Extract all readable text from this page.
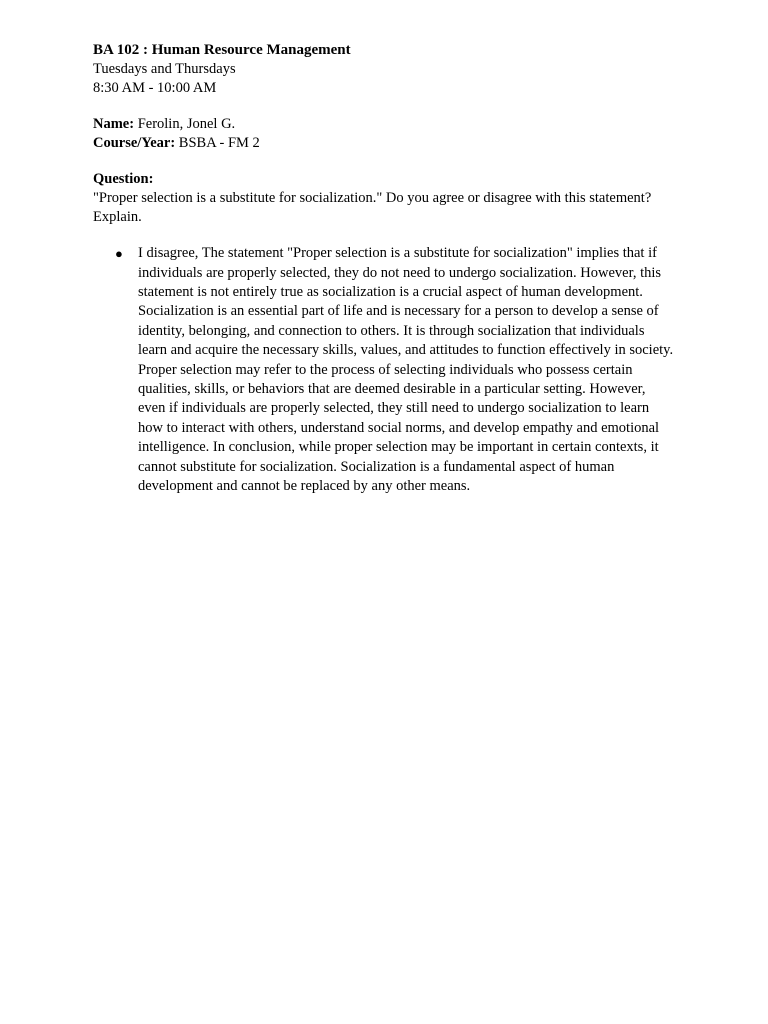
BA 102 : Human Resource Management

Tuesdays and Thursdays

8:30 AM - 10:00 AM

Name: Ferolin, Jonel G.

Course/Year: BSBA - FM 2

Question:

"Proper selection is a substitute for socialization." Do you agree or disagree with this statement? Explain.

● I disagree, The statement "Proper selection is a substitute for socialization" implies that if individuals are properly selected, they do not need to undergo socialization. However, this statement is not entirely true as socialization is a crucial aspect of human development. Socialization is an essential part of life and is necessary for a person to develop a sense of identity, belonging, and connection to others. It is through socialization that individuals learn and acquire the necessary skills, values, and attitudes to function effectively in society. Proper selection may refer to the process of selecting individuals who possess certain qualities, skills, or behaviors that are deemed desirable in a particular setting. However, even if individuals are properly selected, they still need to undergo socialization to learn how to interact with others, understand social norms, and develop empathy and emotional intelligence. In conclusion, while proper selection may be important in certain contexts, it cannot substitute for socialization. Socialization is a fundamental aspect of human development and cannot be replaced by any other means.
